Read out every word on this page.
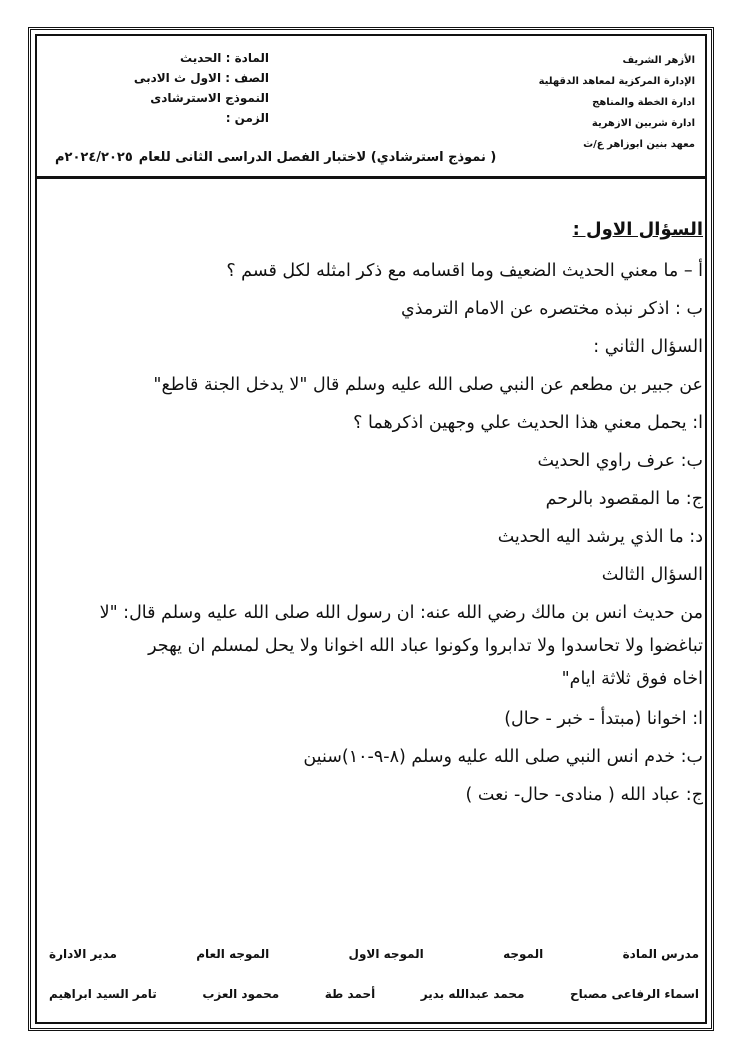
الأزهر الشريف
الإدارة المركزية لمعاهد الدقهلية
ادارة الخطة والمناهج
ادارة شربين الازهرية
معهد بنين ابوزاهر ع/ث
المادة : الحديث
الصف : الاول ث الادبى
النموذج الاسترشادى
الزمن :
( نموذج استرشادي) لاختبار الفصل الدراسى الثانى للعام٢٠٢٤/٢٠٢٥م

السؤال الاول :

أ – ما معني الحديث الضعيف وما اقسامه مع ذكر امثله لكل قسم ؟

ب : اذكر نبذه مختصره عن الامام الترمذي

السؤال الثاني :

عن جبير بن مطعم عن النبي صلى الله عليه وسلم قال "لا يدخل الجنة قاطع"

ا: يحمل معني هذا الحديث علي وجهين اذكرهما ؟

ب: عرف راوي الحديث

ج: ما المقصود بالرحم

د: ما الذي يرشد اليه الحديث

السؤال الثالث

من حديث انس بن مالك رضي الله عنه: ان رسول الله صلى الله عليه وسلم قال: "لا
تباغضوا ولا تحاسدوا ولا تدابروا وكونوا عباد الله اخوانا ولا يحل لمسلم ان يهجر
اخاه فوق ثلاثة ايام"

ا: اخوانا (مبتدأ - خبر - حال)

ب: خدم انس النبي صلى الله عليه وسلم (٨-٩-١٠)سنين

ج: عباد الله ( منادى- حال- نعت )

مدرس المادة
الموجه
الموجه الاول
الموجه العام
مدير الادارة
اسماء الرفاعى مصباح
محمد عبدالله بدير
أحمد طة
محمود العزب
تامر السيد ابراهيم
